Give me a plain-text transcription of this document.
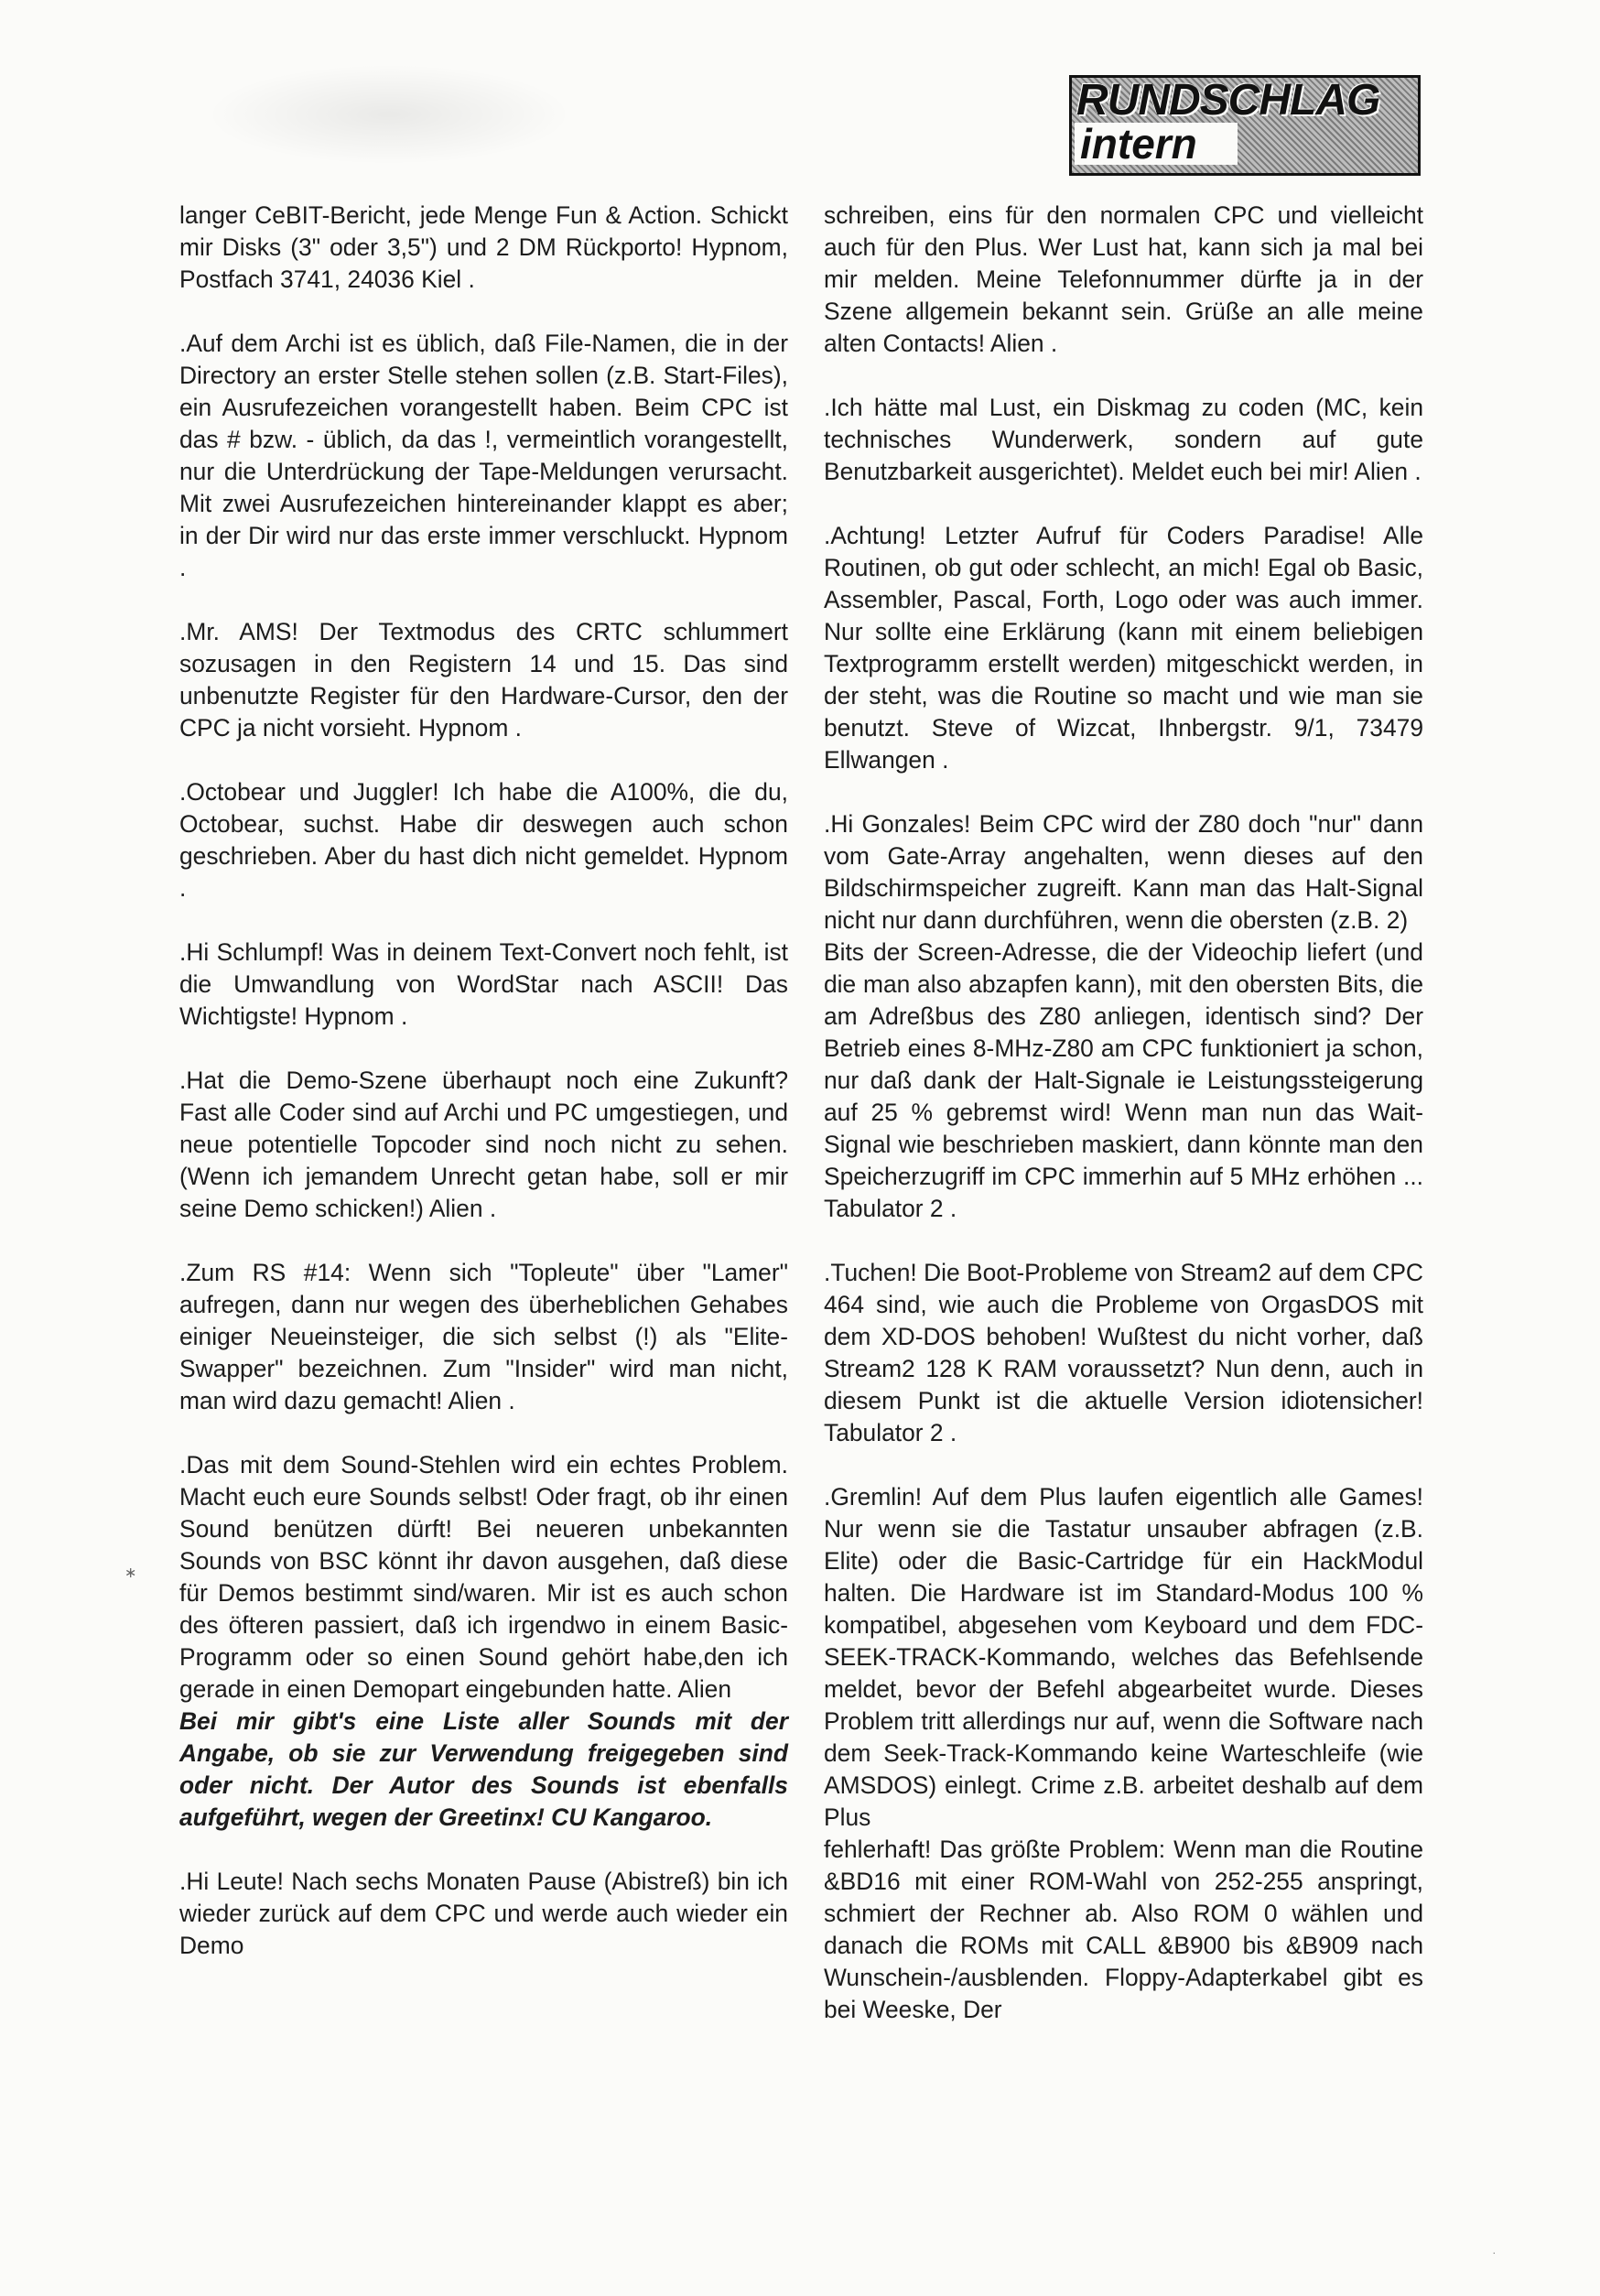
RUNDSCHLAG
intern

langer CeBIT-Bericht, jede Menge Fun & Action. Schickt mir Disks (3" oder 3,5") und 2 DM Rückporto! Hypnom, Postfach 3741, 24036 Kiel .

.Auf dem Archi ist es üblich, daß File-Namen, die in der Directory an erster Stelle stehen sollen (z.B. Start-Files), ein Ausrufezeichen vorangestellt haben. Beim CPC ist das # bzw. - üblich, da das !, vermeintlich vorangestellt, nur die Unterdrückung der Tape-Meldungen verursacht. Mit zwei Ausrufezeichen hintereinander klappt es aber; in der Dir wird nur das erste immer verschluckt. Hypnom .

.Mr. AMS! Der Textmodus des CRTC schlummert sozusagen in den Registern 14 und 15. Das sind unbenutzte Register für den Hardware-Cursor, den der CPC ja nicht vorsieht. Hypnom .

.Octobear und Juggler! Ich habe die A100%, die du, Octobear, suchst. Habe dir deswegen auch schon geschrieben. Aber du hast dich nicht gemeldet. Hypnom .

.Hi Schlumpf! Was in deinem Text-Convert noch fehlt, ist die Umwandlung von WordStar nach ASCII! Das Wichtigste! Hypnom .

.Hat die Demo-Szene überhaupt noch eine Zukunft? Fast alle Coder sind auf Archi und PC umgestiegen, und neue potentielle Topcoder sind noch nicht zu sehen. (Wenn ich jemandem Unrecht getan habe, soll er mir seine Demo schicken!) Alien .

.Zum RS #14: Wenn sich "Topleute" über "Lamer" aufregen, dann nur wegen des überheblichen Gehabes einiger Neueinsteiger, die sich selbst (!) als "Elite-Swapper" bezeichnen. Zum "Insider" wird man nicht, man wird dazu gemacht! Alien .

.Das mit dem Sound-Stehlen wird ein echtes Problem. Macht euch eure Sounds selbst! Oder fragt, ob ihr einen Sound benützen dürft! Bei neueren unbekannten Sounds von BSC könnt ihr davon ausgehen, daß diese für Demos bestimmt sind/waren. Mir ist es auch schon des öfteren passiert, daß ich irgendwo in einem Basic-Programm oder so einen Sound gehört habe,den ich gerade in einen Demopart eingebunden hatte. Alien

Bei mir gibt's eine Liste aller Sounds mit der Angabe, ob sie zur Verwendung freigegeben sind oder nicht. Der Autor des Sounds ist ebenfalls aufgeführt, wegen der Greetinx! CU Kangaroo.

.Hi Leute! Nach sechs Monaten Pause (Abistreß) bin ich wieder zurück auf dem CPC und werde auch wieder ein Demo

schreiben, eins für den normalen CPC und vielleicht auch für den Plus. Wer Lust hat, kann sich ja mal bei mir melden. Meine Telefonnummer dürfte ja in der Szene allgemein bekannt sein. Grüße an alle meine alten Contacts! Alien .

.Ich hätte mal Lust, ein Diskmag zu coden (MC, kein technisches Wunderwerk, sondern auf gute Benutzbarkeit ausgerichtet). Meldet euch bei mir! Alien .

.Achtung! Letzter Aufruf für Coders Paradise! Alle Routinen, ob gut oder schlecht, an mich! Egal ob Basic, Assembler, Pascal, Forth, Logo oder was auch immer. Nur sollte eine Erklärung (kann mit einem beliebigen Textprogramm erstellt werden) mitgeschickt werden, in der steht, was die Routine so macht und wie man sie benutzt. Steve of Wizcat, Ihnbergstr. 9/1, 73479 Ellwangen .

.Hi Gonzales! Beim CPC wird der Z80 doch "nur" dann vom Gate-Array angehalten, wenn dieses auf den Bildschirmspeicher zugreift. Kann man das Halt-Signal nicht nur dann durchführen, wenn die obersten (z.B. 2)

Bits der Screen-Adresse, die der Videochip liefert (und die man also abzapfen kann), mit den obersten Bits, die am Adreßbus des Z80 anliegen, identisch sind? Der Betrieb eines 8-MHz-Z80 am CPC funktioniert ja schon, nur daß dank der Halt-Signale ie Leistungssteigerung auf 25 % gebremst wird! Wenn man nun das Wait-Signal wie beschrieben maskiert, dann könnte man den Speicherzugriff im CPC immerhin auf 5 MHz erhöhen ... Tabulator 2 .

.Tuchen! Die Boot-Probleme von Stream2 auf dem CPC 464 sind, wie auch die Probleme von OrgasDOS mit dem XD-DOS behoben! Wußtest du nicht vorher, daß Stream2 128 K RAM voraussetzt? Nun denn, auch in diesem Punkt ist die aktuelle Version idiotensicher! Tabulator 2 .

.Gremlin! Auf dem Plus laufen eigentlich alle Games! Nur wenn sie die Tastatur unsauber abfragen (z.B. Elite) oder die Basic-Cartridge für ein HackModul halten. Die Hardware ist im Standard-Modus 100 % kompatibel, abgesehen vom Keyboard und dem FDC-SEEK-TRACK-Kommando, welches das Befehlsende meldet, bevor der Befehl abgearbeitet wurde. Dieses Problem tritt allerdings nur auf, wenn die Software nach dem Seek-Track-Kommando keine Warteschleife (wie AMSDOS) einlegt. Crime z.B. arbeitet deshalb auf dem Plus

fehlerhaft! Das größte Problem: Wenn man die Routine &BD16 mit einer ROM-Wahl von 252-255 anspringt, schmiert der Rechner ab. Also ROM 0 wählen und danach die ROMs mit CALL &B900 bis &B909 nach Wunschein-/ausblenden. Floppy-Adapterkabel gibt es bei Weeske, Der

∗
·
